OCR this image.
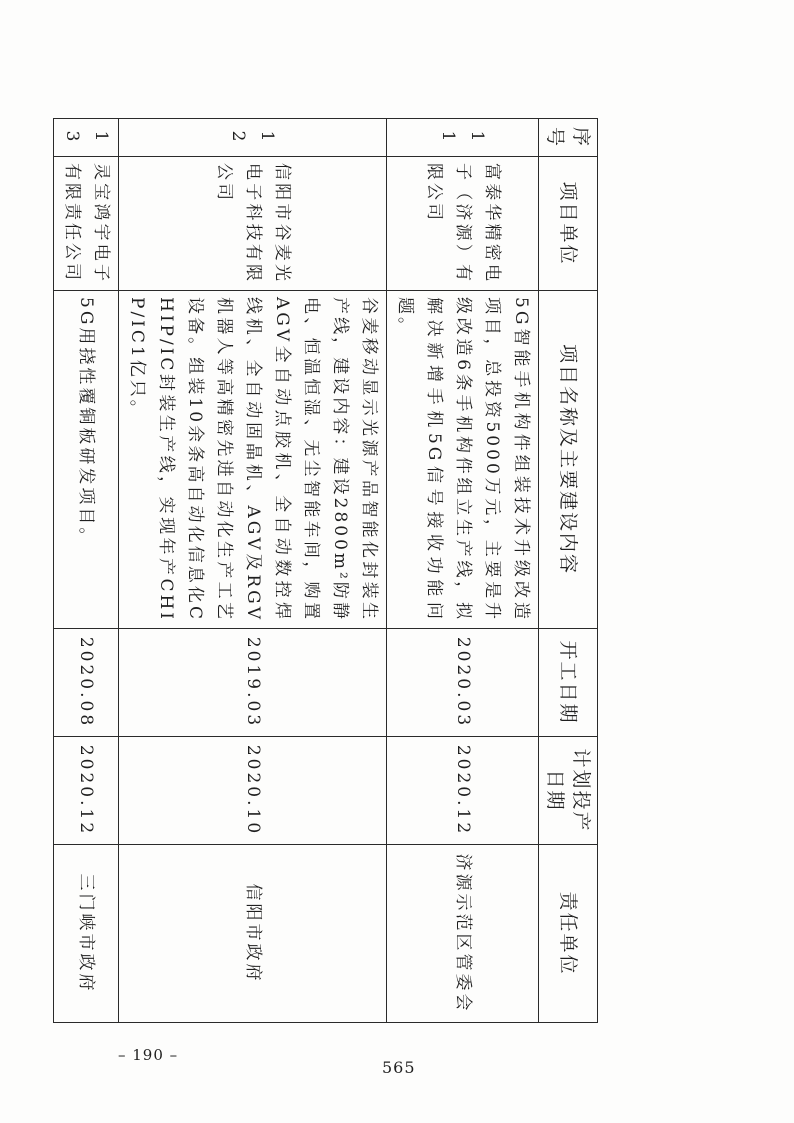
序号	项目单位	项目名称及主要建设内容	开工日期	计划投产日期	责任单位
11	富泰华精密电子（济源）有限公司	5G智能手机构件组装技术升级改造项目，总投资5000万元，主要是升级改造6条手机构件组立生产线，拟解决新增手机5G信号接收功能问题。	2020.03	2020.12	济源示范区管委会
12	信阳市谷麦光电子科技有限公司	谷麦移动显示光源产品智能化封装生产线，建设内容：建设2800m²防静电、恒温恒湿、无尘智能车间，购置AGV全自动点胶机、全自动数控焊线机、全自动固晶机、AGV及RGV机器人等高精密先进自动化生产工艺设备。组装10余条高自动化信息化CHIP/IC封装生产线，实现年产CHIP/IC1亿只。	2019.03	2020.10	信阳市政府
13	灵宝鸿宇电子有限责任公司	5G用挠性覆铜板研发项目。	2020.08	2020.12	三门峡市政府
– 190 –
565
